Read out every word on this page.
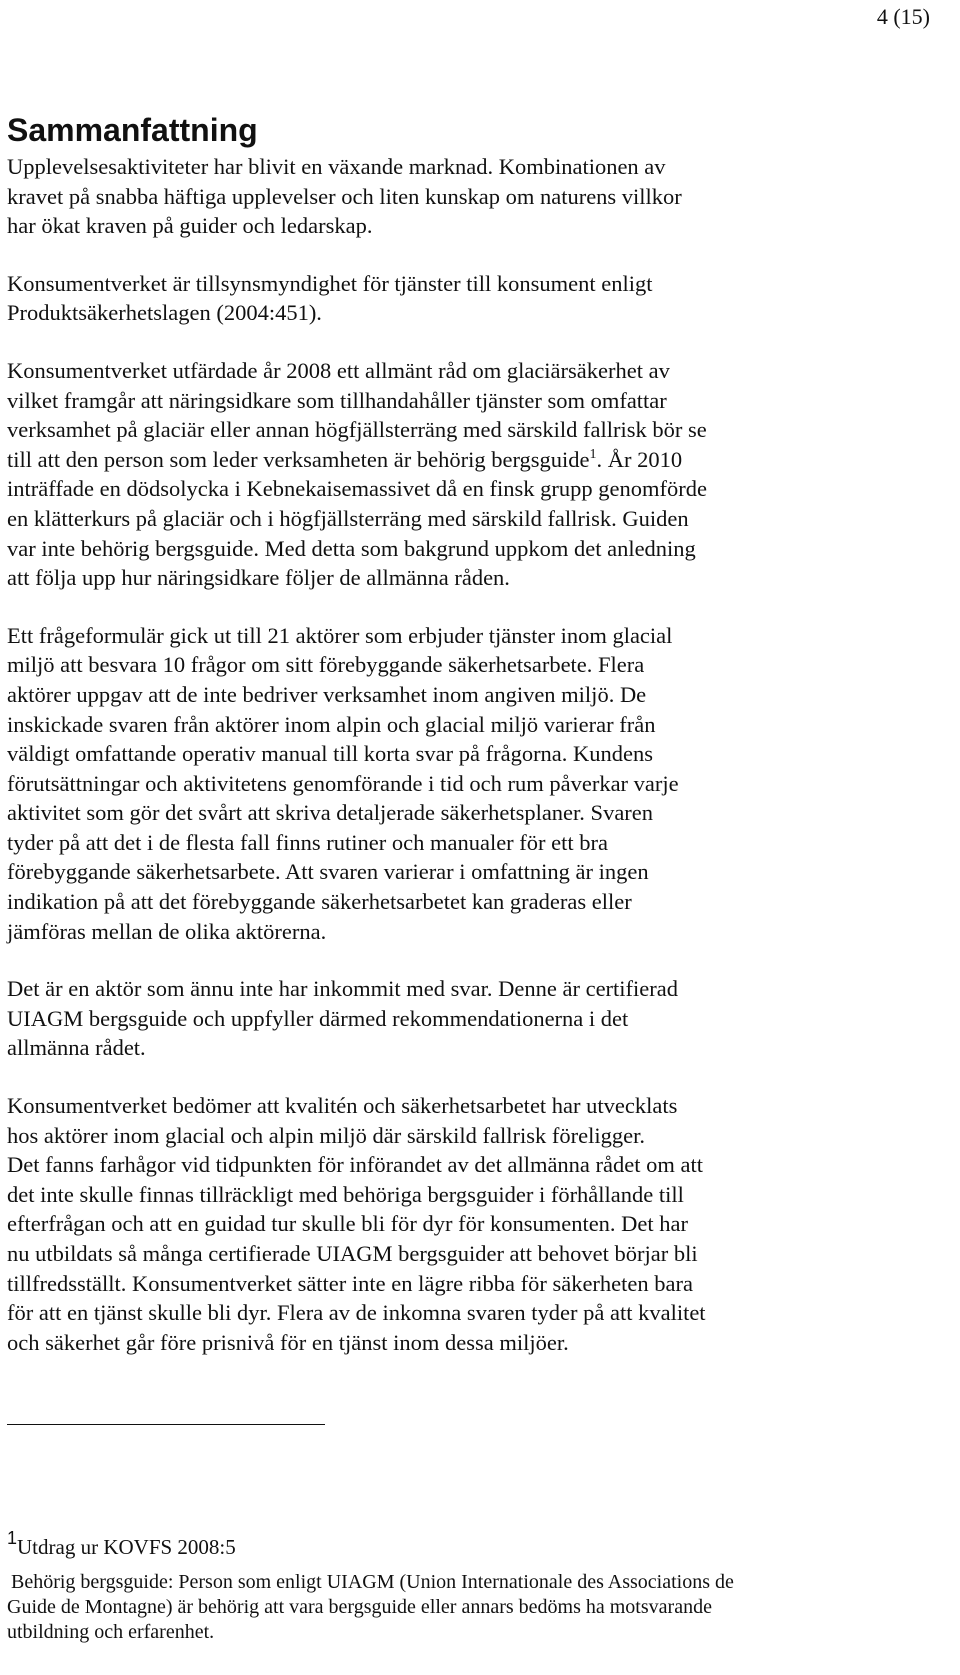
4 (15)
Sammanfattning

Upplevelsesaktiviteter har blivit en växande marknad. Kombinationen av
kravet på snabba häftiga upplevelser och liten kunskap om naturens villkor
har ökat kraven på guider och ledarskap.

Konsumentverket är tillsynsmyndighet för tjänster till konsument enligt
Produktsäkerhetslagen (2004:451).

Konsumentverket utfärdade år 2008 ett allmänt råd om glaciärsäkerhet av
vilket framgår att näringsidkare som tillhandahåller tjänster som omfattar
verksamhet på glaciär eller annan högfjällsterräng med särskild fallrisk bör se
till att den person som leder verksamheten är behörig bergsguide$^1$. År 2010
inträffade en dödsolycka i Kebnekaisemassivet då en finsk grupp genomförde
en klätterkurs på glaciär och i högfjällsterräng med särskild fallrisk. Guiden
var inte behörig bergsguide. Med detta som bakgrund uppkom det anledning
att följa upp hur näringsidkare följer de allmänna råden.

Ett frågeformulär gick ut till 21 aktörer som erbjuder tjänster inom glacial
miljö att besvara 10 frågor om sitt förebyggande säkerhetsarbete. Flera
aktörer uppgav att de inte bedriver verksamhet inom angiven miljö. De
inskickade svaren från aktörer inom alpin och glacial miljö varierar från
väldigt omfattande operativ manual till korta svar på frågorna. Kundens
förutsättningar och aktivitetens genomförande i tid och rum påverkar varje
aktivitet som gör det svårt att skriva detaljerade säkerhetsplaner. Svaren
tyder på att det i de flesta fall finns rutiner och manualer för ett bra
förebyggande säkerhetsarbete. Att svaren varierar i omfattning är ingen
indikation på att det förebyggande säkerhetsarbetet kan graderas eller
jämföras mellan de olika aktörerna.

Det är en aktör som ännu inte har inkommit med svar. Denne är certifierad
UIAGM bergsguide och uppfyller därmed rekommendationerna i det
allmänna rådet.

Konsumentverket bedömer att kvalitén och säkerhetsarbetet har utvecklats
hos aktörer inom glacial och alpin miljö där särskild fallrisk föreligger.
Det fanns farhågor vid tidpunkten för införandet av det allmänna rådet om att
det inte skulle finnas tillräckligt med behöriga bergsguider i förhållande till
efterfrågan och att en guidad tur skulle bli för dyr för konsumenten. Det har
nu utbildats så många certifierade UIAGM bergsguider att behovet börjar bli
tillfredsställt. Konsumentverket sätter inte en lägre ribba för säkerheten bara
för att en tjänst skulle bli dyr. Flera av de inkomna svaren tyder på att kvalitet
och säkerhet går före prisnivå för en tjänst inom dessa miljöer.

1Utdrag ur KOVFS 2008:5
Behörig bergsguide: Person som enligt UIAGM (Union Internationale des Associations de
Guide de Montagne) är behörig att vara bergsguide eller annars bedöms ha motsvarande
utbildning och erfarenhet.
